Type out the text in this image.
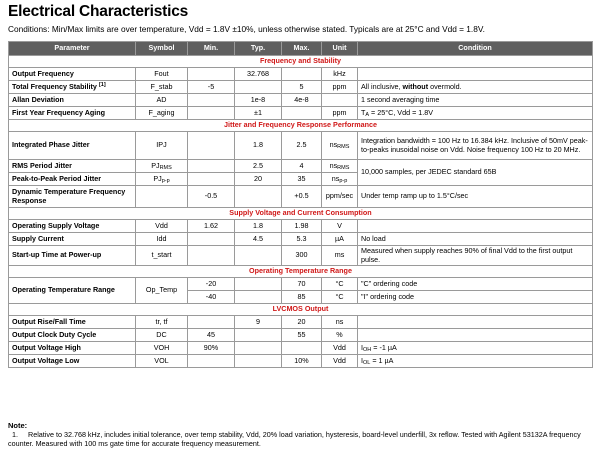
Electrical Characteristics
Conditions: Min/Max limits are over temperature, Vdd = 1.8V ±10%, unless otherwise stated. Typicals are at 25°C and Vdd = 1.8V.
Parameter	Symbol	Min.	Typ.	Max.	Unit	Condition
Frequency and Stability						
Output Frequency	Fout		32.768		kHz	
Total Frequency Stability [1]	F_stab	-5		5	ppm	All inclusive, without overmold.
Allan Deviation	AD		1e-8	4e-8		1 second averaging time
First Year Frequency Aging	F_aging		±1		ppm	$T_A = 25^\circ C$, Vdd = 1.8V
Jitter and Frequency Response Performance						
Integrated Phase Jitter	IPJ		1.8	2.5	$ns_{RMS}$	Integration bandwidth = 100 Hz to 16.384 kHz. Inclusive of 50mV peak-to-peaks inusoidal noise on Vdd. Noise frequency 100 Hz to 20 MHz.
RMS Period Jitter	$PJ_{RMS}$		2.5	4	$ns_{RMS}$	10,000 samples, per JEDEC standard 65B
Peak-to-Peak Period Jitter	$PJ_{p-p}$		20	35	$ns_{p-p}$
Dynamic Temperature Frequency Response		-0.5		+0.5	ppm/sec	Under temp ramp up to 1.5°C/sec
Supply Voltage and Current Consumption						
Operating Supply Voltage	Vdd	1.62	1.8	1.98	V	
Supply Current	Idd		4.5	5.3	µA	No load
Start-up Time at Power-up	t_start			300	ms	Measured when supply reaches 90% of final Vdd to the first output pulse.
Operating Temperature Range						
Operating Temperature Range	Op_Temp	-20		70	°C	"C" ordering code
		-40		85	°C	"I" ordering code
LVCMOS Output						
Output Rise/Fall Time	tr, tf		9	20	ns	
Output Clock Duty Cycle	DC	45		55	%	
Output Voltage High	VOH	90%			Vdd	$I_{OH} = -1$ µA
Output Voltage Low	VOL			10%	Vdd	$I_{OL} = 1$ µA
Note:
1. Relative to 32.768 kHz, includes initial tolerance, over temp stability, Vdd, 20% load variation, hysteresis, board-level underfill, 3x reflow. Tested with Agilent 53132A frequency counter. Measured with 100 ms gate time for accurate frequency measurement.
